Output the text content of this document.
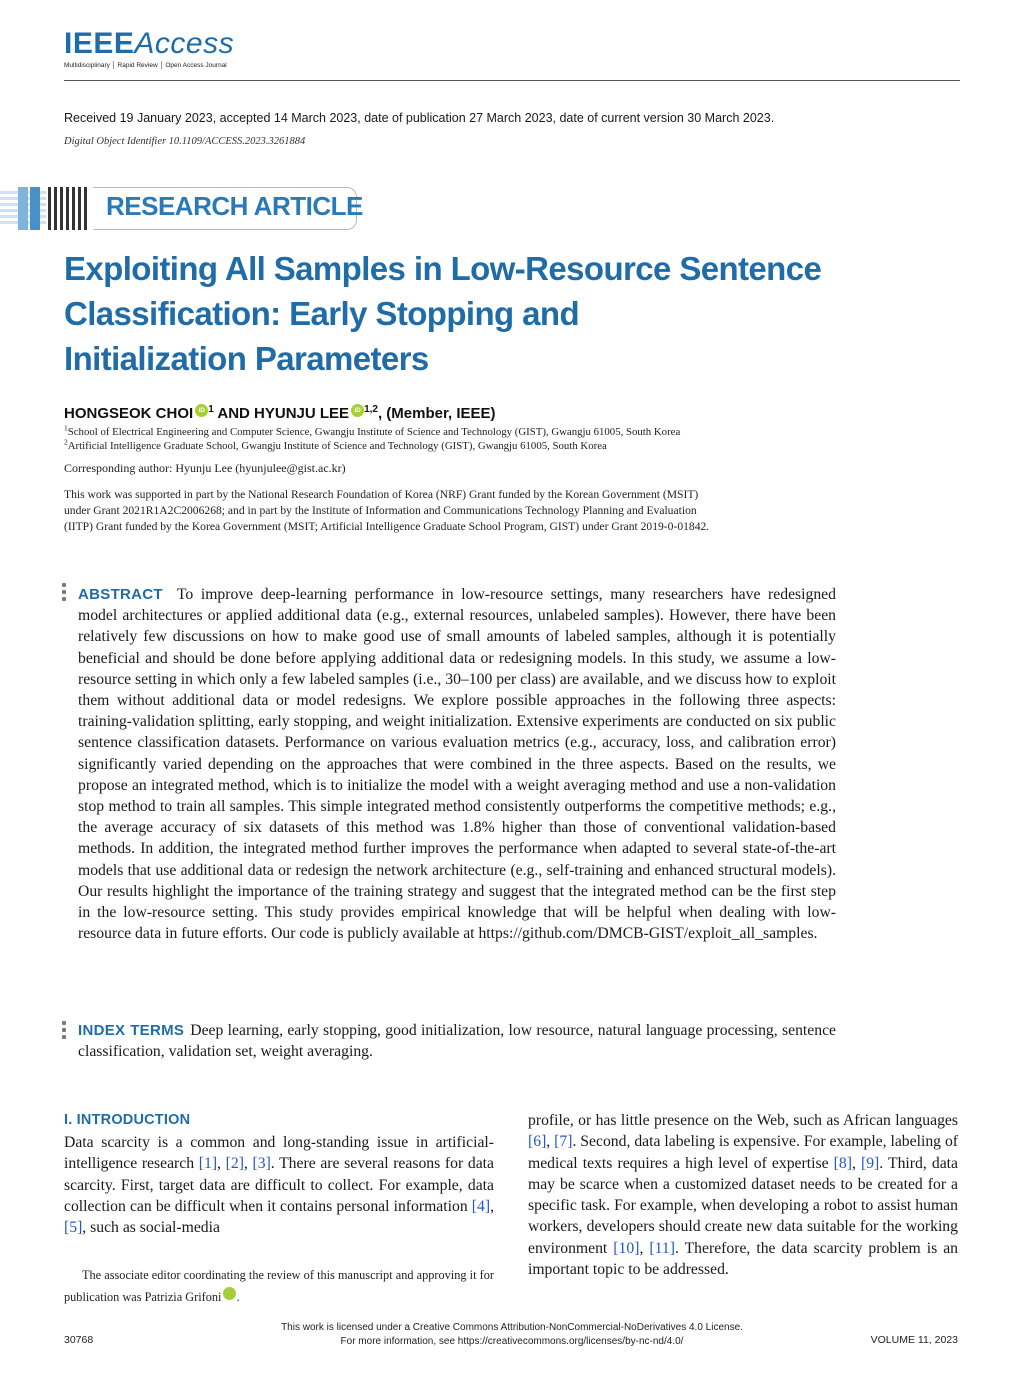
IEEEAccess
Multidisciplinary │ Rapid Review │ Open Access Journal
Received 19 January 2023, accepted 14 March 2023, date of publication 27 March 2023, date of current version 30 March 2023.
Digital Object Identifier 10.1109/ACCESS.2023.3261884
RESEARCH ARTICLE
Exploiting All Samples in Low-Resource Sentence
Classification: Early Stopping and
Initialization Parameters
HONGSEOK CHOI iD $^1$ AND HYUNJU LEE iD $^{1,2}$, (Member, IEEE)
$^1$School of Electrical Engineering and Computer Science, Gwangju Institute of Science and Technology (GIST), Gwangju 61005, South Korea
$^2$Artificial Intelligence Graduate School, Gwangju Institute of Science and Technology (GIST), Gwangju 61005, South Korea
Corresponding author: Hyunju Lee (hyunjulee@gist.ac.kr)
This work was supported in part by the National Research Foundation of Korea (NRF) Grant funded by the Korean Government (MSIT)
under Grant 2021R1A2C2006268; and in part by the Institute of Information and Communications Technology Planning and Evaluation
(IITP) Grant funded by the Korea Government (MSIT; Artificial Intelligence Graduate School Program, GIST) under Grant 2019-0-01842.
ABSTRACT To improve deep-learning performance in low-resource settings, many researchers have redesigned model architectures or applied additional data (e.g., external resources, unlabeled samples). However, there have been relatively few discussions on how to make good use of small amounts of labeled samples, although it is potentially beneficial and should be done before applying additional data or redesigning models. In this study, we assume a low-resource setting in which only a few labeled samples (i.e., 30–100 per class) are available, and we discuss how to exploit them without additional data or model redesigns. We explore possible approaches in the following three aspects: training-validation splitting, early stopping, and weight initialization. Extensive experiments are conducted on six public sentence classification datasets. Performance on various evaluation metrics (e.g., accuracy, loss, and calibration error) significantly varied depending on the approaches that were combined in the three aspects. Based on the results, we propose an integrated method, which is to initialize the model with a weight averaging method and use a non-validation stop method to train all samples. This simple integrated method consistently outperforms the competitive methods; e.g., the average accuracy of six datasets of this method was 1.8% higher than those of conventional validation-based methods. In addition, the integrated method further improves the performance when adapted to several state-of-the-art models that use additional data or redesign the network architecture (e.g., self-training and enhanced structural models). Our results highlight the importance of the training strategy and suggest that the integrated method can be the first step in the low-resource setting. This study provides empirical knowledge that will be helpful when dealing with low-resource data in future efforts. Our code is publicly available at https://github.com/DMCB-GIST/exploit_all_samples.
INDEX TERMS Deep learning, early stopping, good initialization, low resource, natural language processing, sentence classification, validation set, weight averaging.
I. INTRODUCTION
Data scarcity is a common and long-standing issue in artificial-intelligence research [1], [2], [3]. There are several reasons for data scarcity. First, target data are difficult to collect. For example, data collection can be difficult when it contains personal information [4], [5], such as social-media
The associate editor coordinating the review of this manuscript and approving it for publication was Patrizia Grifoni	iD.
profile, or has little presence on the Web, such as African languages [6], [7]. Second, data labeling is expensive. For example, labeling of medical texts requires a high level of expertise [8], [9]. Third, data may be scarce when a customized dataset needs to be created for a specific task. For example, when developing a robot to assist human workers, developers should create new data suitable for the working environment [10], [11]. Therefore, the data scarcity problem is an important topic to be addressed.
This work is licensed under a Creative Commons Attribution-NonCommercial-NoDerivatives 4.0 License.
For more information, see https://creativecommons.org/licenses/by-nc-nd/4.0/
30768	VOLUME 11, 2023
